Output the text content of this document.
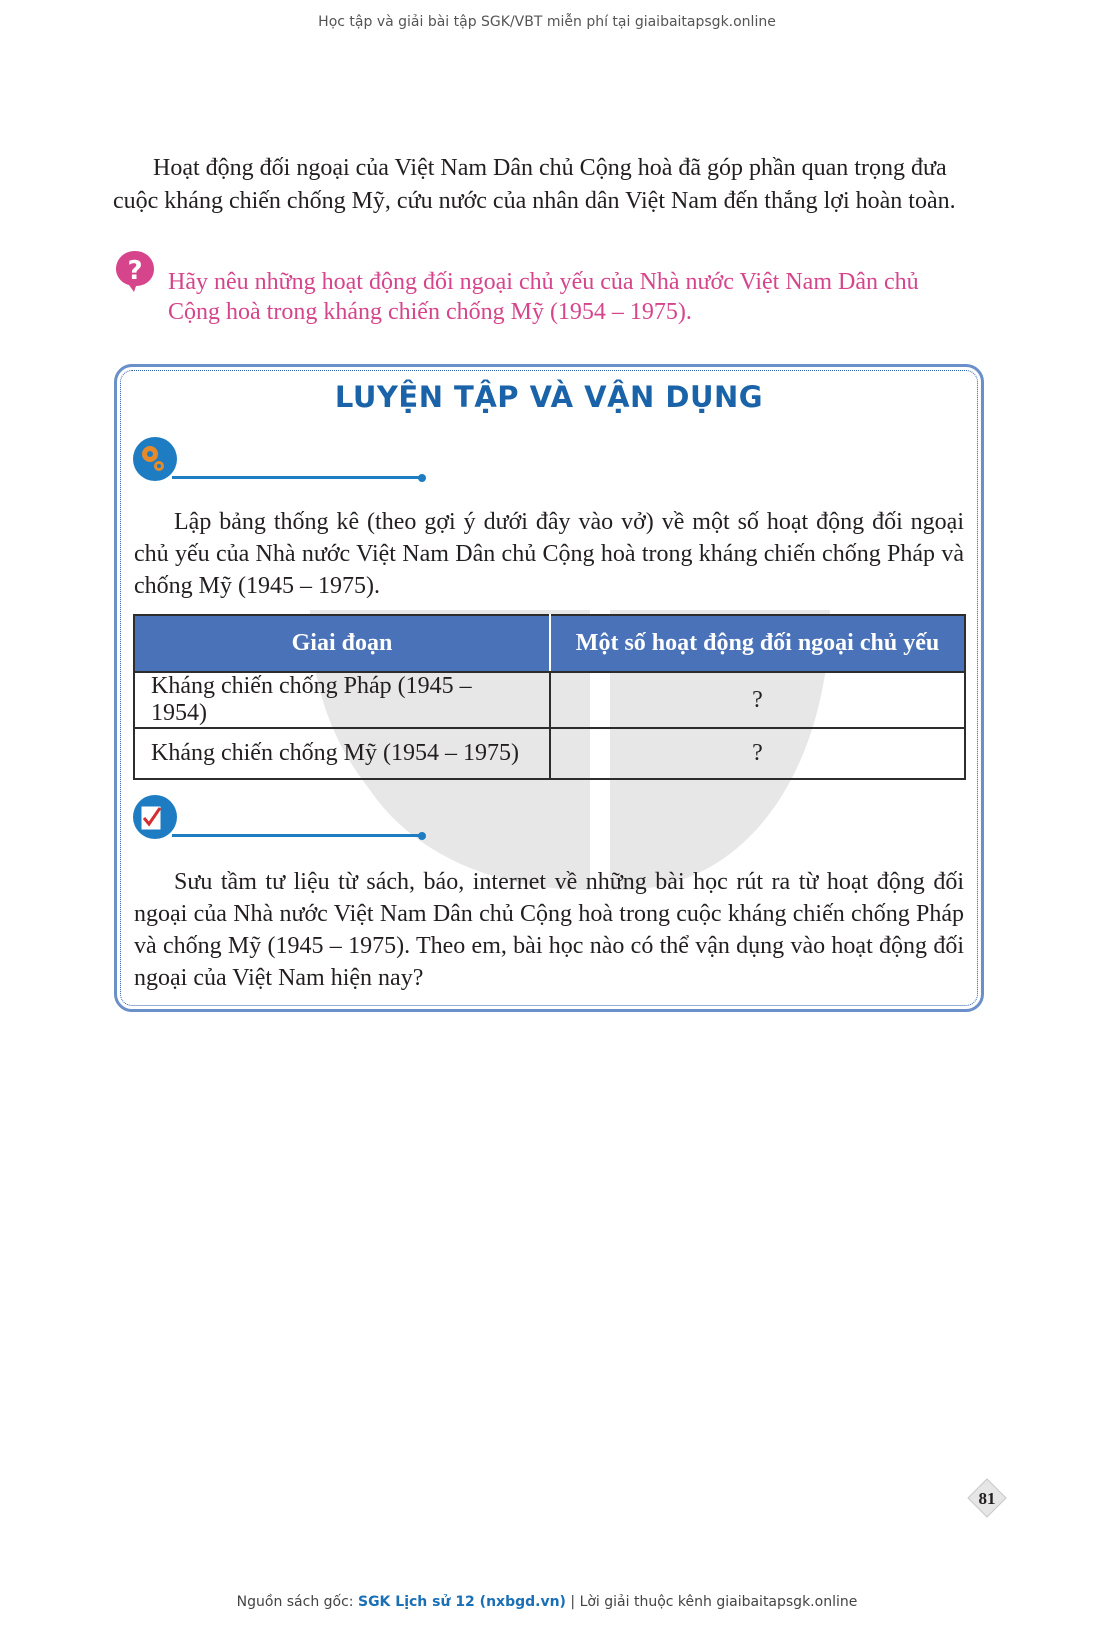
Học tập và giải bài tập SGK/VBT miễn phí tại giaibaitapsgk.online
Hoạt động đối ngoại của Việt Nam Dân chủ Cộng hoà đã góp phần quan trọng đưa
cuộc kháng chiến chống Mỹ, cứu nước của nhân dân Việt Nam đến thắng lợi hoàn toàn.
? Hãy nêu những hoạt động đối ngoại chủ yếu của Nhà nước Việt Nam Dân chủ Cộng hoà trong kháng chiến chống Mỹ (1954 – 1975).
LUYỆN TẬP VÀ VẬN DỤNG
Lập bảng thống kê (theo gợi ý dưới đây vào vở) về một số hoạt động đối ngoại chủ yếu của Nhà nước Việt Nam Dân chủ Cộng hoà trong kháng chiến chống Pháp và chống Mỹ (1945 – 1975).
Giai đoạn	Một số hoạt động đối ngoại chủ yếu
Kháng chiến chống Pháp (1945 – 1954)	?
Kháng chiến chống Mỹ (1954 – 1975)	?
Sưu tầm tư liệu từ sách, báo, internet về những bài học rút ra từ hoạt động đối ngoại của Nhà nước Việt Nam Dân chủ Cộng hoà trong cuộc kháng chiến chống Pháp và chống Mỹ (1945 – 1975). Theo em, bài học nào có thể vận dụng vào hoạt động đối ngoại của Việt Nam hiện nay?
81
Nguồn sách gốc: SGK Lịch sử 12 (nxbgd.vn) | Lời giải thuộc kênh giaibaitapsgk.online
